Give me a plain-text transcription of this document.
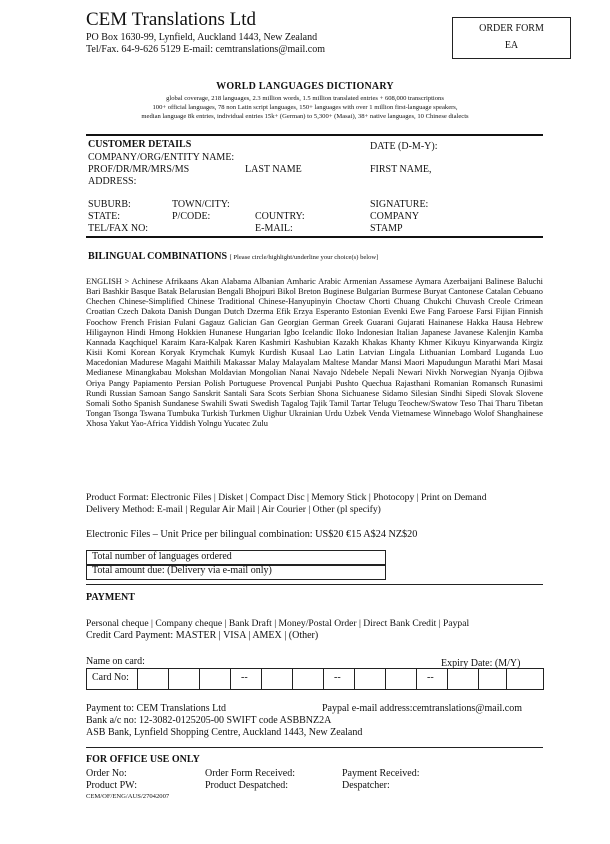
CEM Translations Ltd
PO Box 1630-99, Lynfield, Auckland 1443, New Zealand
Tel/Fax. 64-9-626 5129 E-mail: cemtranslations@mail.com
ORDER FORM
EA
WORLD LANGUAGES DICTIONARY
global coverage, 218 languages, 2.3 million words, 1.5 million translated entries + 608,000 transcriptions
100+ official languages, 78 non Latin script languages, 150+ languages with over 1 million first-language speakers,
median language 8k entries, individual entries 15k+ (German) to 5,300+ (Masai), 38+ native languages, 10 Chinese dialects
CUSTOMER DETAILS	DATE (D-M-Y):
COMPANY/ORG/ENTITY NAME:
PROF/DR/MR/MRS/MS	LAST NAME	FIRST NAME,
ADDRESS:
SUBURB:	TOWN/CITY:	SIGNATURE:
STATE:	P/CODE:	COUNTRY:	COMPANY
TEL/FAX NO:	E-MAIL:	STAMP
BILINGUAL COMBINATIONS [ Please circle/highlight/underline your choice(s) below]
ENGLISH > Achinese Afrikaans Akan Alabama Albanian Amharic Arabic Armenian Assamese Aymara Azerbaijani Balinese Baluchi Bari Bashkir Basque Batak Belarusian Bengali Bhojpuri Bikol Breton Buginese Bulgarian Burmese Buryat Cantonese Catalan Cebuano Chechen Chinese-Simplified Chinese Traditional Chinese-Hanyupinyin Choctaw Chorti Chuang Chukchi Chuvash Creole Crimean Croatian Czech Dakota Danish Dungan Dutch Dzerma Efik Erzya Esperanto Estonian Evenki Ewe Fang Faroese Farsi Fijian Finnish Foochow French Frisian Fulani Gagauz Galician Gan Georgian German Greek Guarani Gujarati Hainanese Hakka Hausa Hebrew Hiligaynon Hindi Hmong Hokkien Hunanese Hungarian Igbo Icelandic Iloko Indonesian Italian Japanese Javanese Kalenjin Kamba Kannada Kaqchiquel Karaim Kara-Kalpak Karen Kashmiri Kashubian Kazakh Khakas Khanty Khmer Kikuyu Kinyarwanda Kirgiz Kisii Komi Korean Koryak Krymchak Kumyk Kurdish Kusaal Lao Latin Latvian Lingala Lithuanian Lombard Luganda Luo Macedonian Madurese Magahi Maithili Makassar Malay Malayalam Maltese Mandar Mansi Maori Mapudungun Marathi Mari Masai Medianese Minangkabau Mokshan Moldavian Mongolian Nanai Navajo Ndebele Nepali Newari Nivkh Norwegian Nyanja Ojibwa Oriya Pangy Papiamento Persian Polish Portuguese Provencal Punjabi Pushto Quechua Rajasthani Romanian Romansch Runasimi Rundi Russian Samoan Sango Sanskrit Santali Sara Scots Serbian Shona Sichuanese Sidamo Silesian Sindhi Sipedi Slovak Slovene Somali Sotho Spanish Sundanese Swahili Swati Swedish Tagalog Tajik Tamil Tartar Telugu Teochew/Swatow Teso Thai Tharu Tibetan Tongan Tsonga Tswana Tumbuka Turkish Turkmen Uighur Ukrainian Urdu Uzbek Venda Vietnamese Winnebago Wolof Shanghainese Xhosa Yakut Yao-Africa Yiddish Yolngu Yucatec Zulu
Product Format: Electronic Files | Disket | Compact Disc | Memory Stick | Photocopy | Print on Demand
Delivery Method: E-mail | Regular Air Mail | Air Courier | Other (pl specify)
Electronic Files – Unit Price per bilingual combination: US$20 €15 A$24 NZ$20
Total number of languages ordered
Total amount due: (Delivery via e-mail only)
PAYMENT
Personal cheque | Company cheque | Bank Draft | Money/Postal Order | Direct Bank Credit | Paypal
Credit Card Payment: MASTER | VISA | AMEX | (Other)
Name on card:	Expiry Date: (M/Y)
Card No:	--	--	--
Payment to: CEM Translations Ltd	Paypal e-mail address:cemtranslations@mail.com
Bank a/c no: 12-3082-0125205-00 SWIFT code ASBBNZ2A
ASB Bank, Lynfield Shopping Centre, Auckland 1443, New Zealand
FOR OFFICE USE ONLY
Order No:	Order Form Received:	Payment Received:
Product PW:	Product Despatched:	Despatcher:
CEM/OF/ENG/AUS/27042007
